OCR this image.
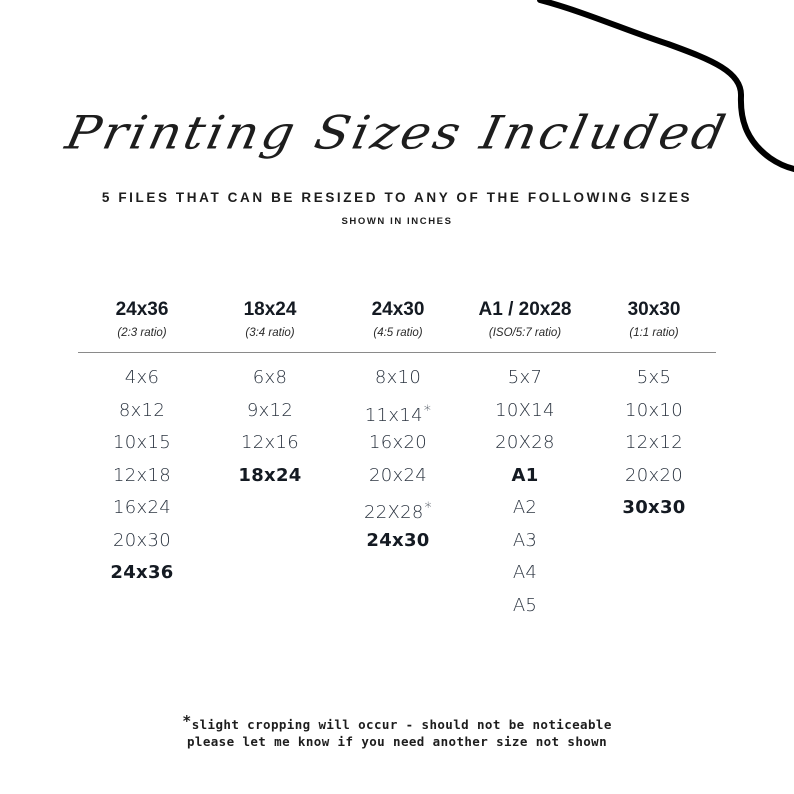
Printing Sizes Included
5 FILES THAT CAN BE RESIZED TO ANY OF THE FOLLOWING SIZES
SHOWN IN INCHES
24x36
(2:3 ratio)
18x24
(3:4 ratio)
24x30
(4:5 ratio)
A1 / 20x28
(ISO/5:7 ratio)
30x30
(1:1 ratio)
4x6
8x12
10x15
12x18
16x24
20x30
24x36
6x8
9x12
12x16
18x24
8x10
11x14*
16x20
20x24
22X28*
24x30
5x7
10X14
20X28
A1
A2
A3
A4
A5
5x5
10x10
12x12
20x20
30x30
*slight cropping will occur - should not be noticeable
please let me know if you need another size not shown
